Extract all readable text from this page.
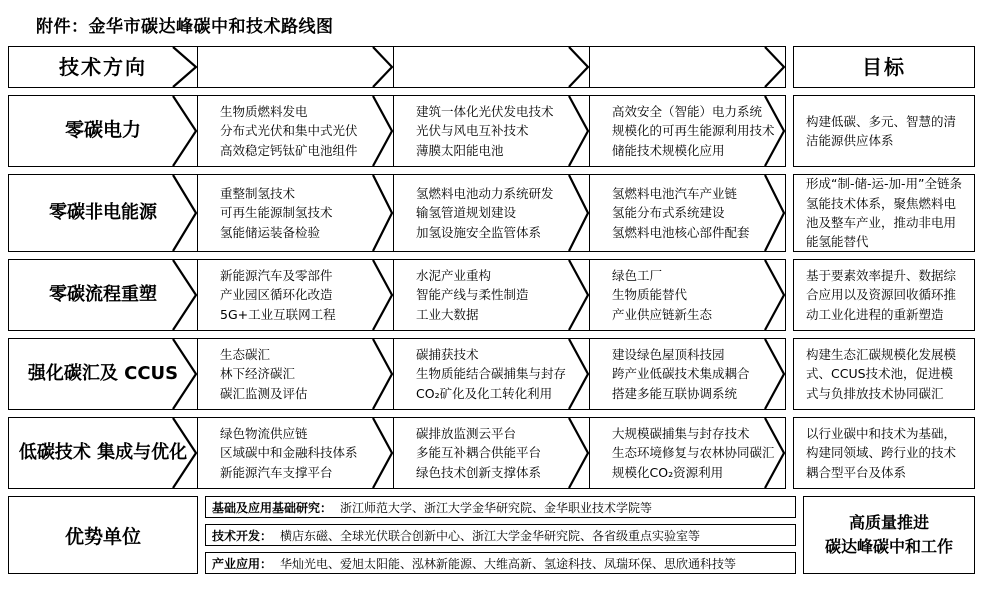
附件：金华市碳达峰碳中和技术路线图
技术方向	目标
零碳电力
生物质燃料发电
分布式光伏和集中式光伏
高效稳定钙钛矿电池组件
建筑一体化光伏发电技术
光伏与风电互补技术
薄膜太阳能电池
高效安全（智能）电力系统
规模化的可再生能源利用技术
储能技术规模化应用
构建低碳、多元、智慧的清洁能源供应体系
零碳非电能源
重整制氢技术
可再生能源制氢技术
氢能储运装备检验
氢燃料电池动力系统研发
输氢管道规划建设
加氢设施安全监管体系
氢燃料电池汽车产业链
氢能分布式系统建设
氢燃料电池核心部件配套
形成“制-储-运-加-用”全链条氢能技术体系，聚焦燃料电池及整车产业，推动非电用能氢能替代
零碳流程重塑
新能源汽车及零部件
产业园区循环化改造
5G+工业互联网工程
水泥产业重构
智能产线与柔性制造
工业大数据
绿色工厂
生物质能替代
产业供应链新生态
基于要素效率提升、数据综合应用以及资源回收循环推动工业化进程的重新塑造
强化碳汇及 CCUS
生态碳汇
林下经济碳汇
碳汇监测及评估
碳捕获技术
生物质能结合碳捕集与封存
CO₂矿化及化工转化利用
建设绿色屋顶科技园
跨产业低碳技术集成耦合
搭建多能互联协调系统
构建生态汇碳规模化发展模式、CCUS技术池，促进模式与负排放技术协同碳汇
低碳技术 集成与优化
绿色物流供应链
区域碳中和金融科技体系
新能源汽车支撑平台
碳排放监测云平台
多能互补耦合供能平台
绿色技术创新支撑体系
大规模碳捕集与封存技术
生态环境修复与农林协同碳汇
规模化CO₂资源利用
以行业碳中和技术为基础，构建同领域、跨行业的技术耦合型平台及体系
优势单位
基础及应用基础研究： 浙江师范大学、浙江大学金华研究院、金华职业技术学院等
技术开发： 横店东磁、全球光伏联合创新中心、浙江大学金华研究院、各省级重点实验室等
产业应用： 华灿光电、爱旭太阳能、泓林新能源、大维高新、氢途科技、凤瑞环保、思欣通科技等
高质量推进
碳达峰碳中和工作
